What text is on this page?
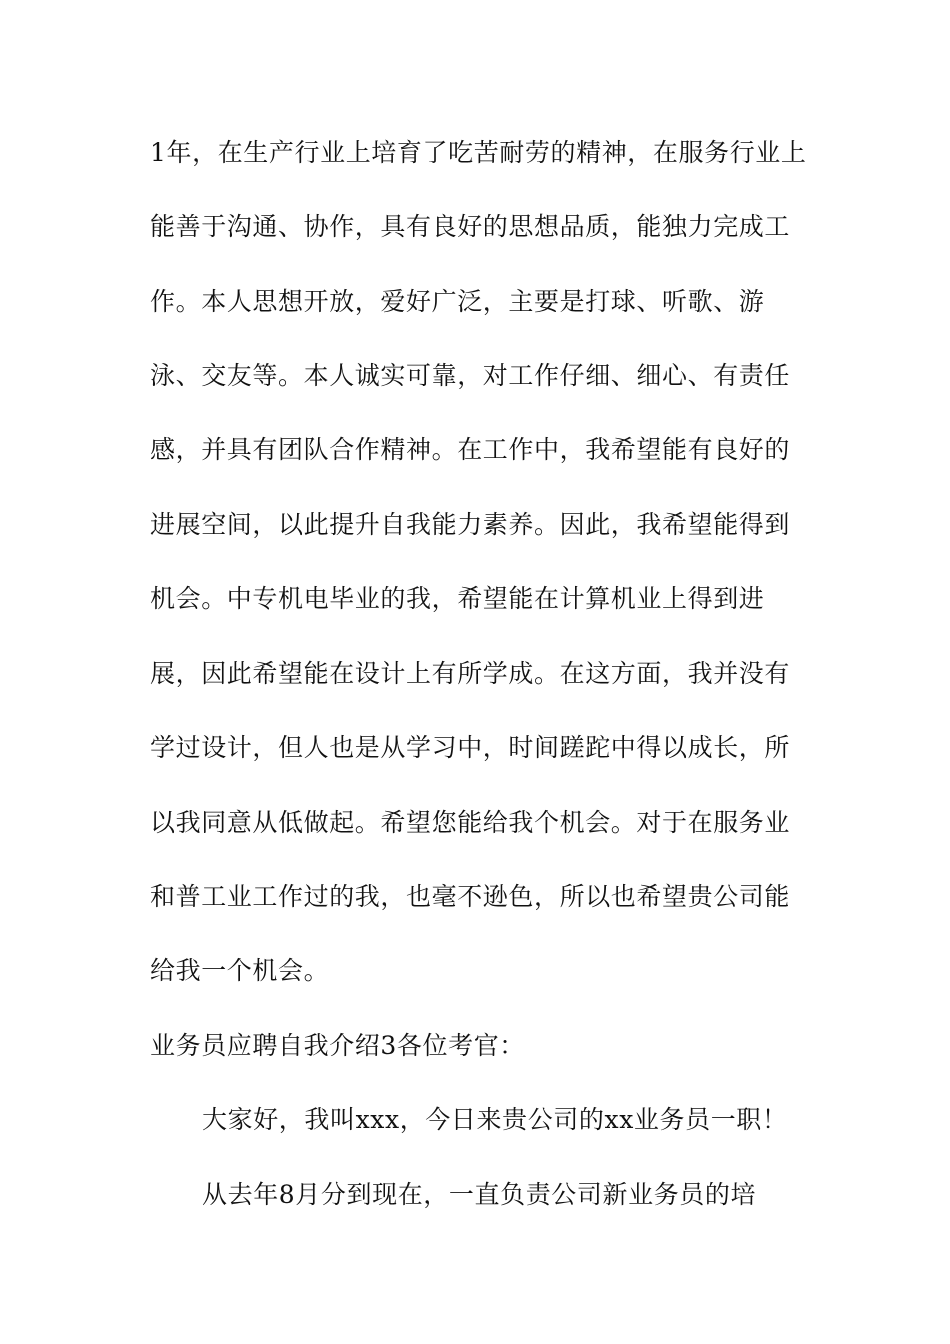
1年，在生产行业上培育了吃苦耐劳的精神，在服务行业上
能善于沟通、协作，具有良好的思想品质，能独力完成工
作。本人思想开放，爱好广泛，主要是打球、听歌、游
泳、交友等。本人诚实可靠，对工作仔细、细心、有责任
感，并具有团队合作精神。在工作中，我希望能有良好的
进展空间，以此提升自我能力素养。因此，我希望能得到
机会。中专机电毕业的我，希望能在计算机业上得到进
展，因此希望能在设计上有所学成。在这方面，我并没有
学过设计，但人也是从学习中，时间蹉跎中得以成长，所
以我同意从低做起。希望您能给我个机会。对于在服务业
和普工业工作过的我，也毫不逊色，所以也希望贵公司能
给我一个机会。
业务员应聘自我介绍3各位考官：
大家好，我叫xxx，今日来贵公司的xx业务员一职！
从去年8月分到现在，一直负责公司新业务员的培
